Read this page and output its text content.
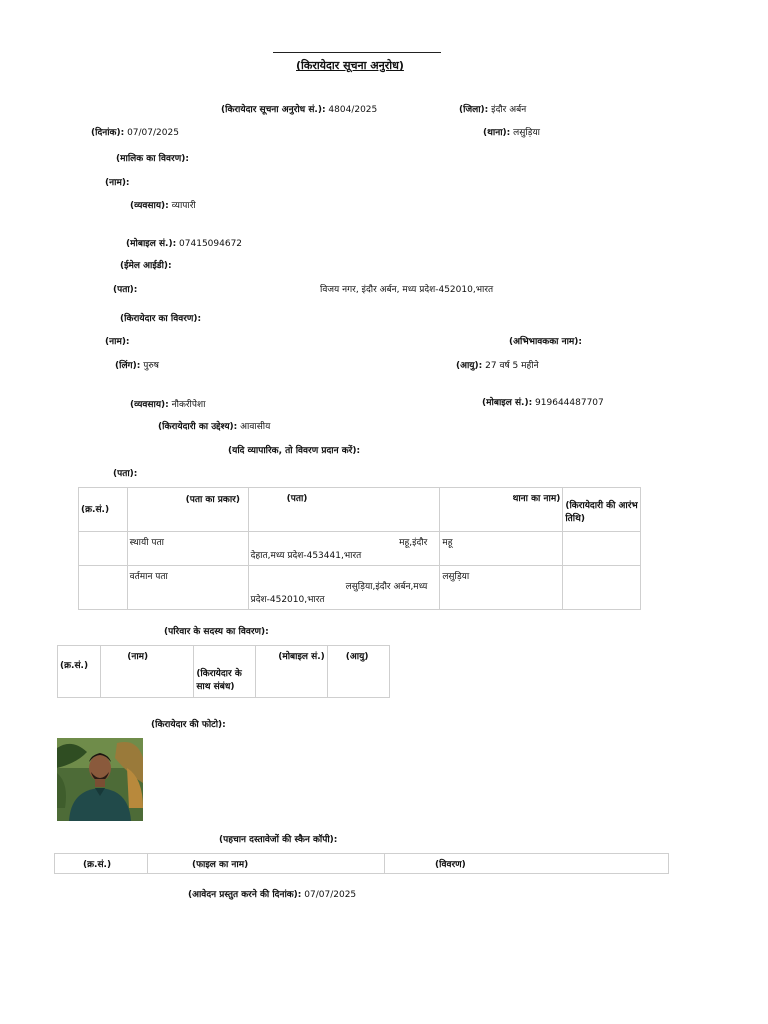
(किरायेदार सूचना अनुरोध)
(किरायेदार सूचना अनुरोध सं.): 4804/2025	(जिला): इंदौर अर्बन
(दिनांक): 07/07/2025	(थाना): लसुड़िया
(मालिक का विवरण):
(नाम):
(व्यवसाय): व्यापारी
(मोबाइल सं.): 07415094672
(ईमेल आईडी):
(पता):	विजय नगर, इंदौर अर्बन, मध्य प्रदेश-452010,भारत
(किरायेदार का विवरण):
(नाम):	(अभिभावकका नाम):
(लिंग): पुरुष	(आयु): 27 वर्ष 5 महीने
(व्यवसाय): नौकरीपेशा	(मोबाइल सं.): 919644487707
(किरायेदारी का उद्देश्य): आवासीय
(यदि व्यापारिक, तो विवरण प्रदान करें):
(पता):
(क्र.सं.)	(पता का प्रकार)	(पता)	थाना का नाम)	(किरायेदारी की आरंभ तिथि)
	स्थायी पता	महू,इंदौर
देहात,मध्य प्रदेश-453441,भारत	महू	
	वर्तमान पता	लसुड़िया,इंदौर अर्बन,मध्य
प्रदेश-452010,भारत	लसुड़िया	
(परिवार के सदस्य का विवरण):
(क्र.सं.)	(नाम)	(किरायेदार के साथ संबंध)	(मोबाइल सं.)	(आयु)
(किरायेदार की फोटो):
(पहचान दस्तावेजों की स्कैन कॉपी):
(क्र.सं.)	(फाइल का नाम)	(विवरण)
(आवेदन प्रस्तुत करने की दिनांक): 07/07/2025
